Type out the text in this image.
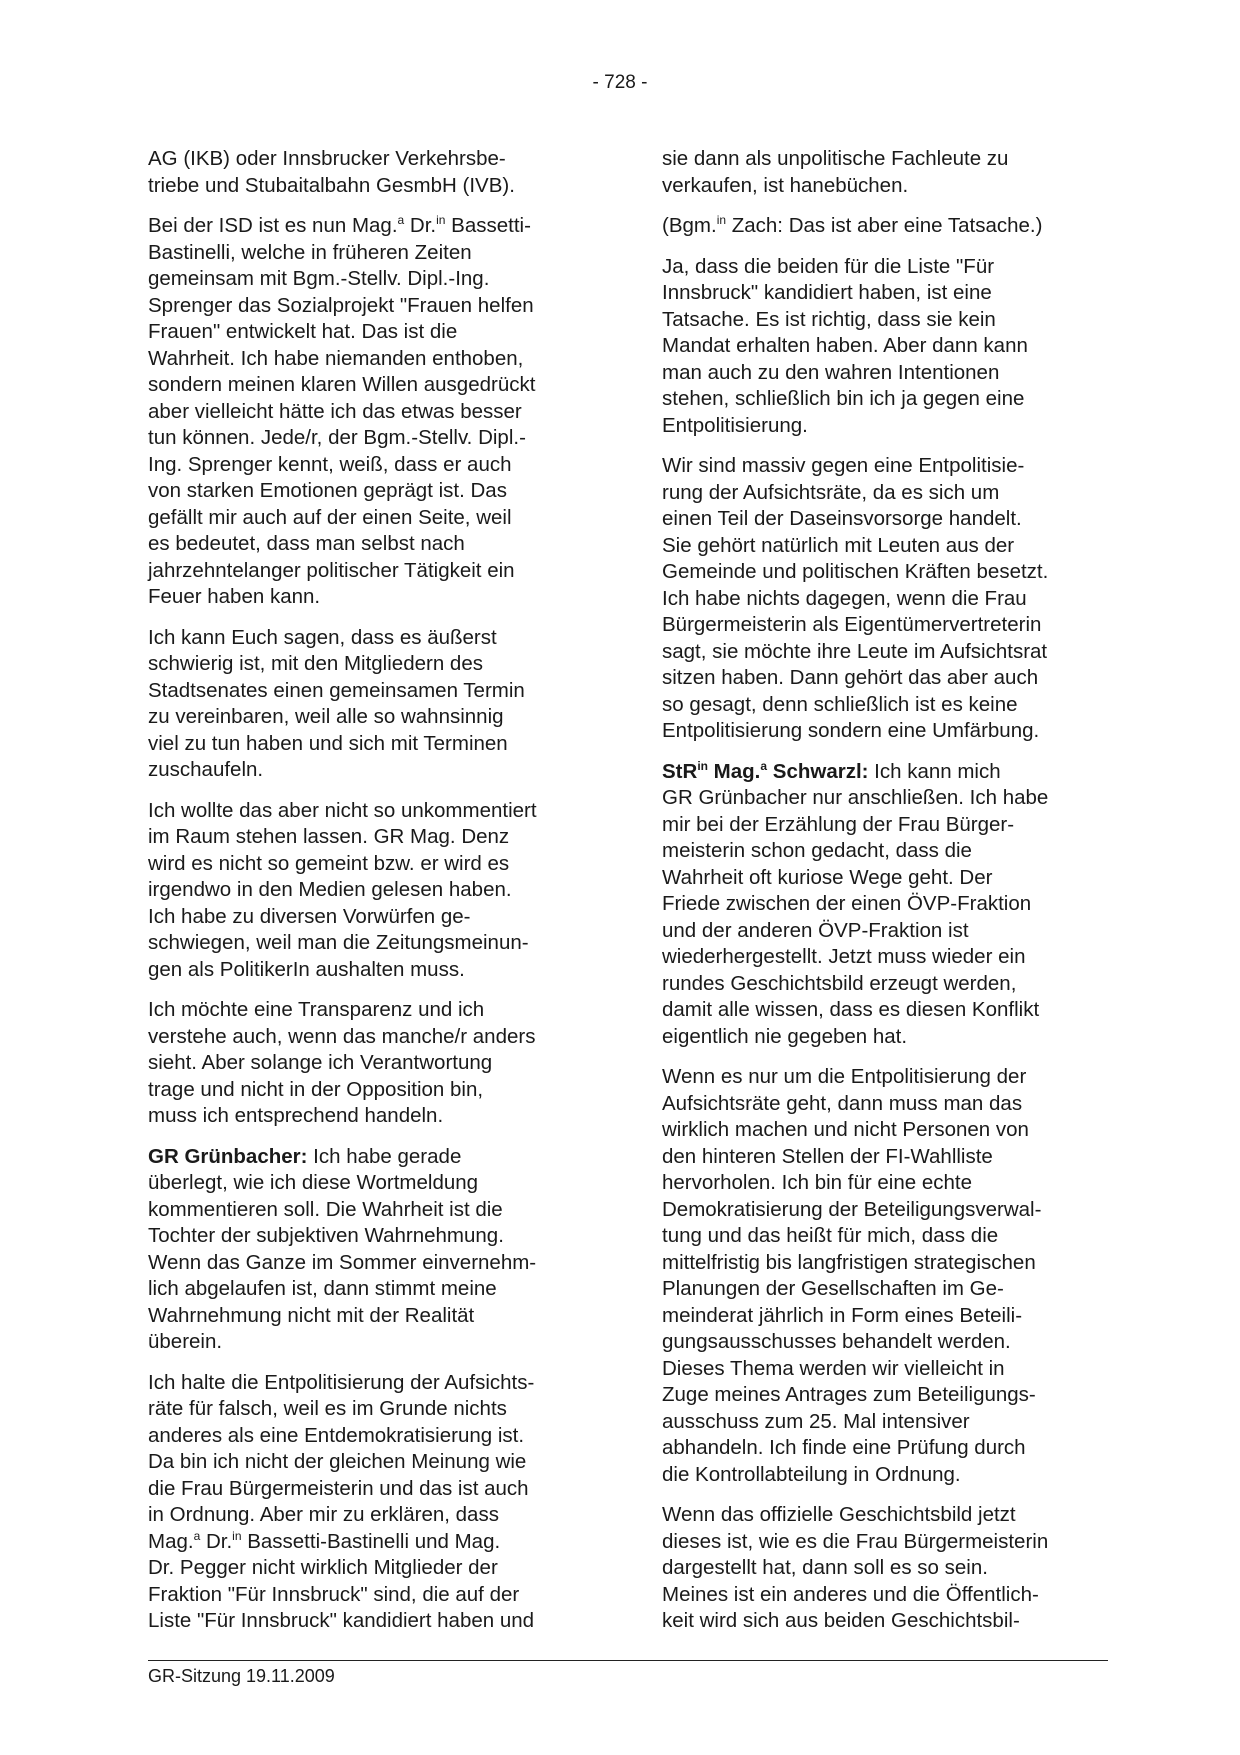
- 728 -

AG (IKB) oder Innsbrucker Verkehrsbe-
triebe und Stubaitalbahn GesmbH (IVB).

Bei der ISD ist es nun Mag.$^a$ Dr.$^{in}$ Bassetti-
Bastinelli, welche in früheren Zeiten
gemeinsam mit Bgm.-Stellv. Dipl.-Ing.
Sprenger das Sozialprojekt "Frauen helfen
Frauen" entwickelt hat. Das ist die
Wahrheit. Ich habe niemanden enthoben,
sondern meinen klaren Willen ausgedrückt
aber vielleicht hätte ich das etwas besser
tun können. Jede/r, der Bgm.-Stellv. Dipl.-
Ing. Sprenger kennt, weiß, dass er auch
von starken Emotionen geprägt ist. Das
gefällt mir auch auf der einen Seite, weil
es bedeutet, dass man selbst nach
jahrzehntelanger politischer Tätigkeit ein
Feuer haben kann.

Ich kann Euch sagen, dass es äußerst
schwierig ist, mit den Mitgliedern des
Stadtsenates einen gemeinsamen Termin
zu vereinbaren, weil alle so wahnsinnig
viel zu tun haben und sich mit Terminen
zuschaufeln.

Ich wollte das aber nicht so unkommentiert
im Raum stehen lassen. GR Mag. Denz
wird es nicht so gemeint bzw. er wird es
irgendwo in den Medien gelesen haben.
Ich habe zu diversen Vorwürfen ge-
schwiegen, weil man die Zeitungsmeinun-
gen als PolitikerIn aushalten muss.

Ich möchte eine Transparenz und ich
verstehe auch, wenn das manche/r anders
sieht. Aber solange ich Verantwortung
trage und nicht in der Opposition bin,
muss ich entsprechend handeln.

GR Grünbacher: Ich habe gerade
überlegt, wie ich diese Wortmeldung
kommentieren soll. Die Wahrheit ist die
Tochter der subjektiven Wahrnehmung.
Wenn das Ganze im Sommer einvernehm-
lich abgelaufen ist, dann stimmt meine
Wahrnehmung nicht mit der Realität
überein.

Ich halte die Entpolitisierung der Aufsichts-
räte für falsch, weil es im Grunde nichts
anderes als eine Entdemokratisierung ist.
Da bin ich nicht der gleichen Meinung wie
die Frau Bürgermeisterin und das ist auch
in Ordnung. Aber mir zu erklären, dass
Mag.$^a$ Dr.$^{in}$ Bassetti-Bastinelli und Mag.
Dr. Pegger nicht wirklich Mitglieder der
Fraktion "Für Innsbruck" sind, die auf der
Liste "Für Innsbruck" kandidiert haben und

sie dann als unpolitische Fachleute zu
verkaufen, ist hanebüchen.

(Bgm.$^{in}$ Zach: Das ist aber eine Tatsache.)

Ja, dass die beiden für die Liste "Für
Innsbruck" kandidiert haben, ist eine
Tatsache. Es ist richtig, dass sie kein
Mandat erhalten haben. Aber dann kann
man auch zu den wahren Intentionen
stehen, schließlich bin ich ja gegen eine
Entpolitisierung.

Wir sind massiv gegen eine Entpolitisie-
rung der Aufsichtsräte, da es sich um
einen Teil der Daseinsvorsorge handelt.
Sie gehört natürlich mit Leuten aus der
Gemeinde und politischen Kräften besetzt.
Ich habe nichts dagegen, wenn die Frau
Bürgermeisterin als Eigentümervertreterin
sagt, sie möchte ihre Leute im Aufsichtsrat
sitzen haben. Dann gehört das aber auch
so gesagt, denn schließlich ist es keine
Entpolitisierung sondern eine Umfärbung.

StR$^{in}$ Mag.$^a$ Schwarzl: Ich kann mich
GR Grünbacher nur anschließen. Ich habe
mir bei der Erzählung der Frau Bürger-
meisterin schon gedacht, dass die
Wahrheit oft kuriose Wege geht. Der
Friede zwischen der einen ÖVP-Fraktion
und der anderen ÖVP-Fraktion ist
wiederhergestellt. Jetzt muss wieder ein
rundes Geschichtsbild erzeugt werden,
damit alle wissen, dass es diesen Konflikt
eigentlich nie gegeben hat.

Wenn es nur um die Entpolitisierung der
Aufsichtsräte geht, dann muss man das
wirklich machen und nicht Personen von
den hinteren Stellen der FI-Wahlliste
hervorholen. Ich bin für eine echte
Demokratisierung der Beteiligungsverwal-
tung und das heißt für mich, dass die
mittelfristig bis langfristigen strategischen
Planungen der Gesellschaften im Ge-
meinderat jährlich in Form eines Beteili-
gungsausschusses behandelt werden.
Dieses Thema werden wir vielleicht in
Zuge meines Antrages zum Beteiligungs-
ausschuss zum 25. Mal intensiver
abhandeln. Ich finde eine Prüfung durch
die Kontrollabteilung in Ordnung.

Wenn das offizielle Geschichtsbild jetzt
dieses ist, wie es die Frau Bürgermeisterin
dargestellt hat, dann soll es so sein.
Meines ist ein anderes und die Öffentlich-
keit wird sich aus beiden Geschichtsbil-

GR-Sitzung 19.11.2009
